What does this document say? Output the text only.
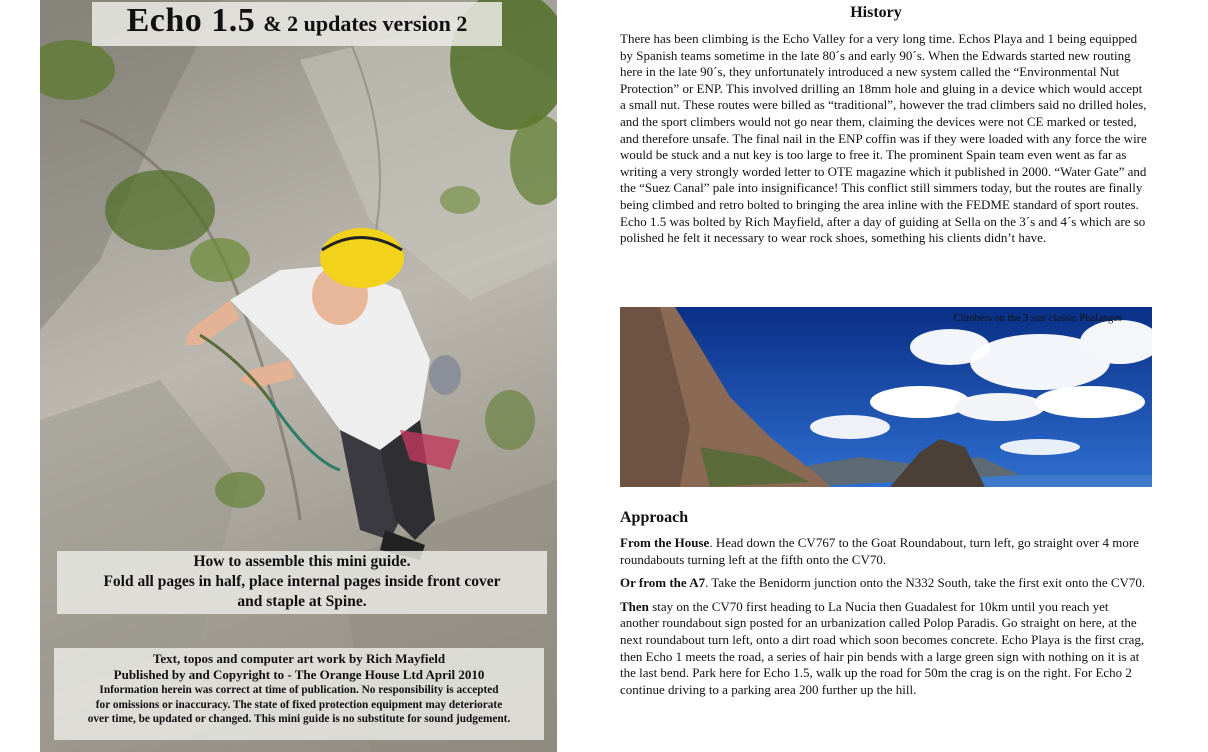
Echo 1.5 & 2 updates version 2
How to assemble this mini guide.
Fold all pages in half, place internal pages inside front cover
and staple at Spine.
Text, topos and computer art work by Rich Mayfield
Published by and Copyright to - The Orange House Ltd April 2010
Information herein was correct at time of publication. No responsibility is accepted
for omissions or inaccuracy. The state of fixed protection equipment may deteriorate
over time, be updated or changed. This mini guide is no substitute for sound judgement.
History

There has been climbing is the Echo Valley for a very long time. Echos Playa and 1 being equipped by Spanish teams sometime in the late 80´s and early 90´s. When the Edwards started new routing here in the late 90´s, they unfortunately introduced a new system called the “Environmental Nut Protection” or ENP. This involved drilling an 18mm hole and gluing in a device which would accept a small nut. These routes were billed as “traditional”, however the trad climbers said no drilled holes, and the sport climbers would not go near them, claiming the devices were not CE marked or tested, and therefore unsafe. The final nail in the ENP coffin was if they were loaded with any force the wire would be stuck and a nut key is too large to free it. The prominent Spain team even went as far as writing a very strongly worded letter to OTE magazine which it published in 2000. “Water Gate” and the “Suez Canal” pale into insignificance! This conflict still simmers today, but the routes are finally being climbed and retro bolted to bringing the area inline with the FEDME standard of sport routes.

Echo 1.5 was bolted by Rich Mayfield, after a day of guiding at Sella on the 3´s and 4´s which are so polished he felt it necessary to wear rock shoes, something his clients didn’t have.

Climbers on the 3 star classic Phalanges
Approach

From the House. Head down the CV767 to the Goat Roundabout, turn left, go straight over 4 more roundabouts turning left at the fifth onto the CV70.

Or from the A7. Take the Benidorm junction onto the N332 South, take the first exit onto the CV70.

Then stay on the CV70 first heading to La Nucia then Guadalest for 10km until you reach yet another roundabout sign posted for an urbanization called Polop Paradis. Go straight on here, at the next roundabout turn left, onto a dirt road which soon becomes concrete. Echo Playa is the first crag, then Echo 1 meets the road, a series of hair pin bends with a large green sign with nothing on it is at the last bend. Park here for Echo 1.5, walk up the road for 50m the crag is on the right. For Echo 2 continue driving to a parking area 200 further up the hill.
